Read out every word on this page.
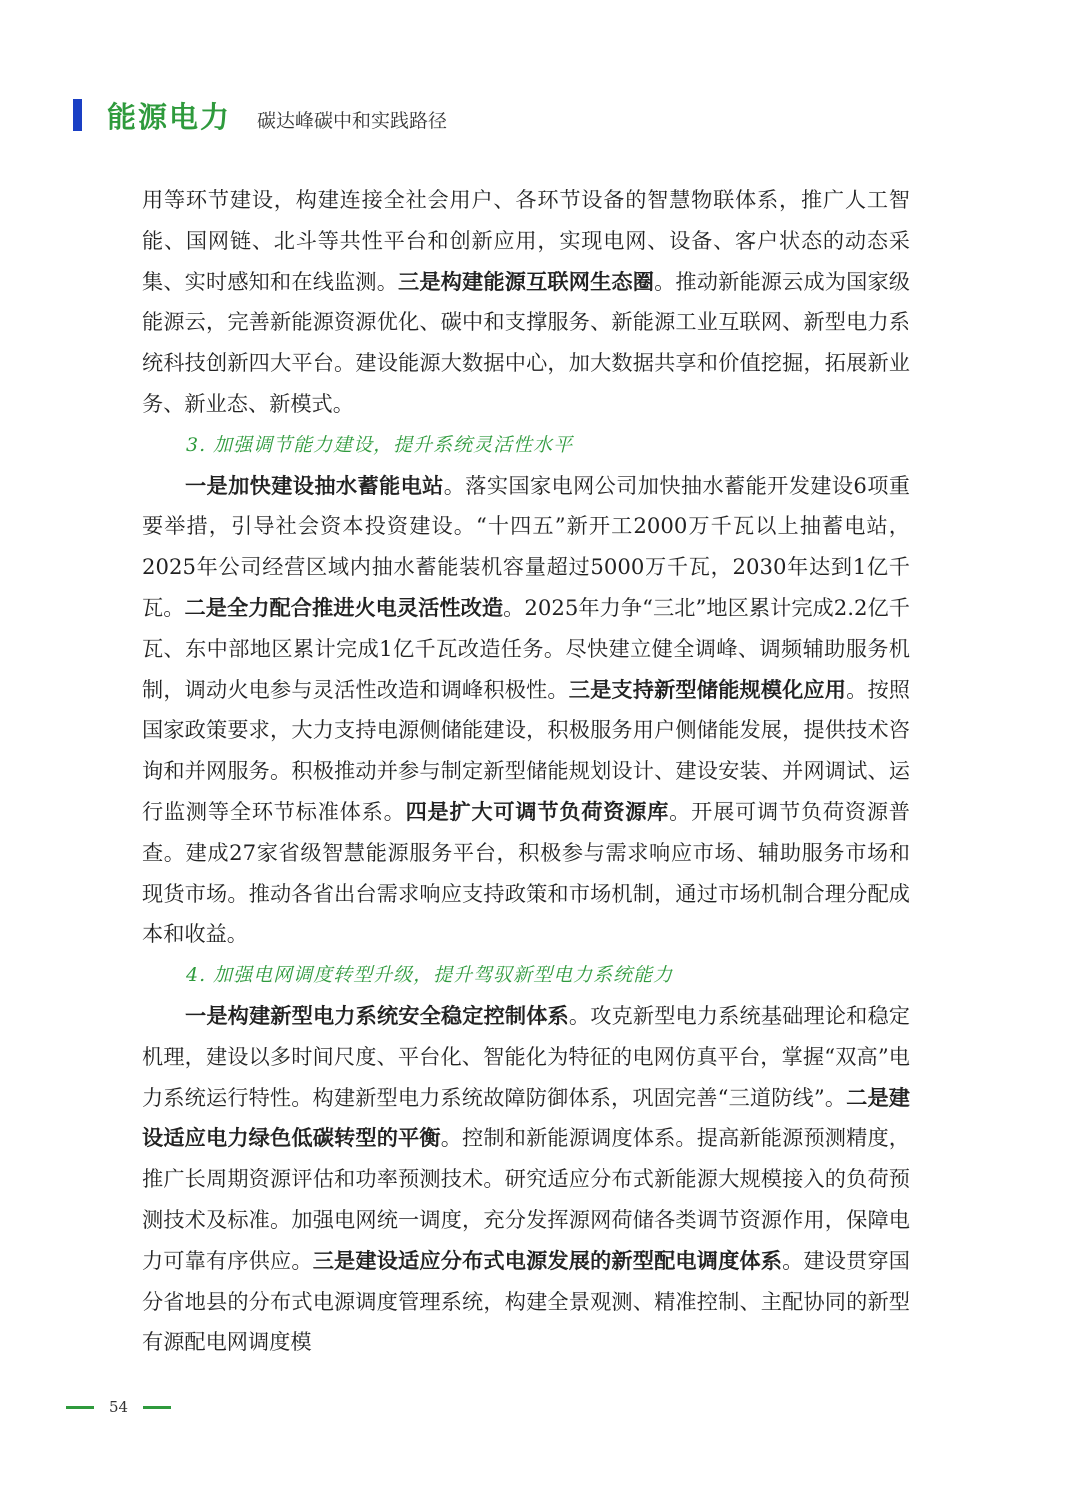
能源电力 碳达峰碳中和实践路径

用等环节建设，构建连接全社会用户、各环节设备的智慧物联体系，推广人工智能、国网链、北斗等共性平台和创新应用，实现电网、设备、客户状态的动态采集、实时感知和在线监测。三是构建能源互联网生态圈。推动新能源云成为国家级能源云，完善新能源资源优化、碳中和支撑服务、新能源工业互联网、新型电力系统科技创新四大平台。建设能源大数据中心，加大数据共享和价值挖掘，拓展新业务、新业态、新模式。

3. 加强调节能力建设，提升系统灵活性水平

一是加快建设抽水蓄能电站。落实国家电网公司加快抽水蓄能开发建设6项重要举措，引导社会资本投资建设。“十四五”新开工2000万千瓦以上抽蓄电站，2025年公司经营区域内抽水蓄能装机容量超过5000万千瓦，2030年达到1亿千瓦。二是全力配合推进火电灵活性改造。2025年力争“三北”地区累计完成2.2亿千瓦、东中部地区累计完成1亿千瓦改造任务。尽快建立健全调峰、调频辅助服务机制，调动火电参与灵活性改造和调峰积极性。三是支持新型储能规模化应用。按照国家政策要求，大力支持电源侧储能建设，积极服务用户侧储能发展，提供技术咨询和并网服务。积极推动并参与制定新型储能规划设计、建设安装、并网调试、运行监测等全环节标准体系。四是扩大可调节负荷资源库。开展可调节负荷资源普查。建成27家省级智慧能源服务平台，积极参与需求响应市场、辅助服务市场和现货市场。推动各省出台需求响应支持政策和市场机制，通过市场机制合理分配成本和收益。

4. 加强电网调度转型升级，提升驾驭新型电力系统能力

一是构建新型电力系统安全稳定控制体系。攻克新型电力系统基础理论和稳定机理，建设以多时间尺度、平台化、智能化为特征的电网仿真平台，掌握“双高”电力系统运行特性。构建新型电力系统故障防御体系，巩固完善“三道防线”。二是建设适应电力绿色低碳转型的平衡。控制和新能源调度体系。提高新能源预测精度，推广长周期资源评估和功率预测技术。研究适应分布式新能源大规模接入的负荷预测技术及标准。加强电网统一调度，充分发挥源网荷储各类调节资源作用，保障电力可靠有序供应。三是建设适应分布式电源发展的新型配电调度体系。建设贯穿国分省地县的分布式电源调度管理系统，构建全景观测、精准控制、主配协同的新型有源配电网调度模

54
